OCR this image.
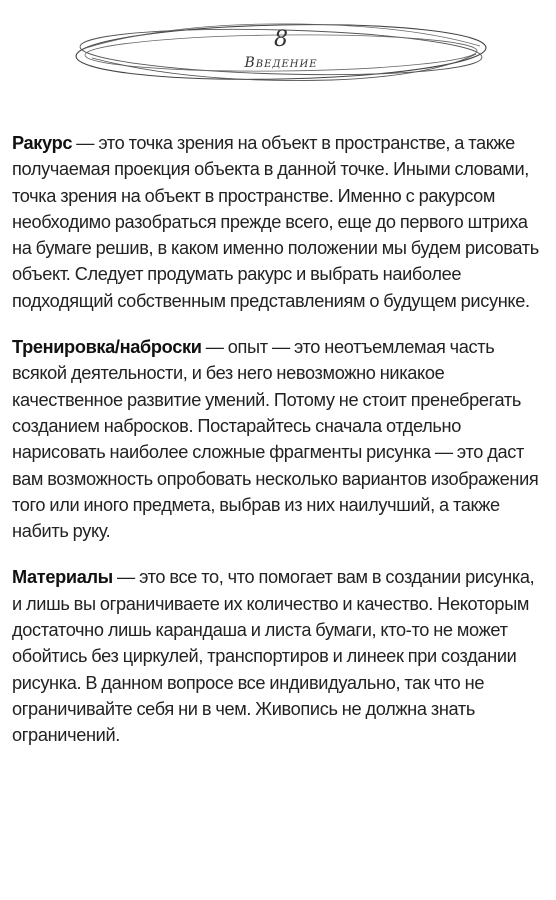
8
Введение

Ракурс — это точка зрения на объект в пространстве, а также получаемая проекция объекта в данной точке. Иными словами, точка зрения на объект в пространстве. Именно с ракурсом необходимо разобраться прежде всего, еще до первого штриха на бумаге решив, в каком именно положении мы будем рисовать объект. Следует продумать ракурс и выбрать наиболее подходящий собственным представлениям о будущем рисунке.

Тренировка/наброски — опыт — это неотъемлемая часть всякой деятельности, и без него невозможно никакое качественное развитие умений. Потому не стоит пренебрегать созданием набросков. Постарайтесь сначала отдельно нарисовать наиболее сложные фрагменты рисунка — это даст вам возможность опробовать несколько вариантов изображения того или иного предмета, выбрав из них наилучший, а также набить руку.

Материалы — это все то, что помогает вам в создании рисунка, и лишь вы ограничиваете их количество и качество. Некоторым достаточно лишь карандаша и листа бумаги, кто-то не может обойтись без циркулей, транспортиров и линеек при создании рисунка. В данном вопросе все индивидуально, так что не ограничивайте себя ни в чем. Живопись не должна знать ограничений.
